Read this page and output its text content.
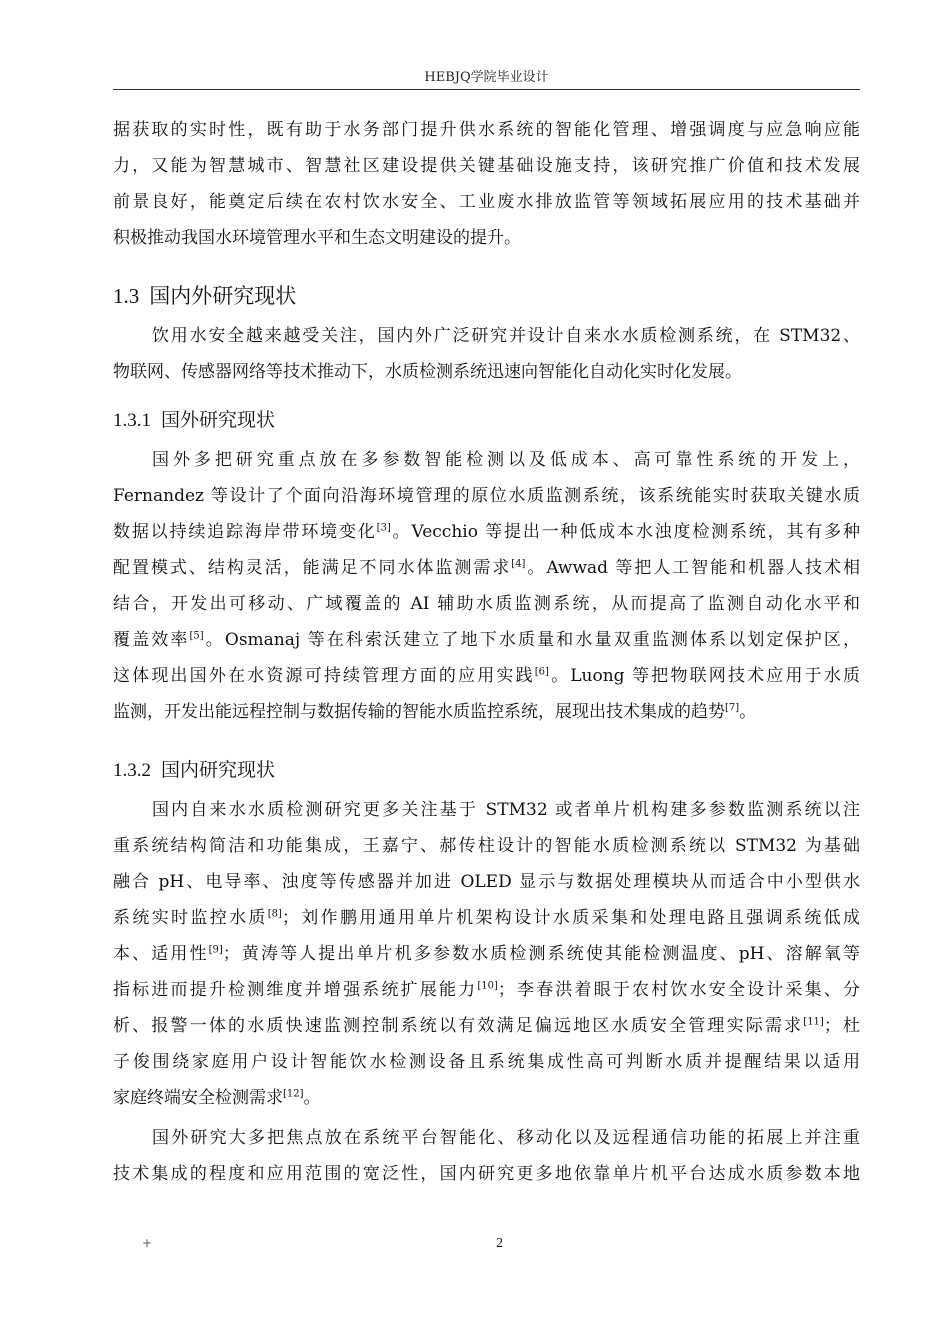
HEBJQ学院毕业设计
据获取的实时性，既有助于水务部门提升供水系统的智能化管理、增强调度与应急响应能
力，又能为智慧城市、智慧社区建设提供关键基础设施支持，该研究推广价值和技术发展
前景良好，能奠定后续在农村饮水安全、工业废水排放监管等领域拓展应用的技术基础并
积极推动我国水环境管理水平和生态文明建设的提升。
1.3 国内外研究现状
饮用水安全越来越受关注，国内外广泛研究并设计自来水水质检测系统，在 STM32、
物联网、传感器网络等技术推动下，水质检测系统迅速向智能化自动化实时化发展。
1.3.1 国外研究现状
国外多把研究重点放在多参数智能检测以及低成本、高可靠性系统的开发上，
Fernandez 等设计了个面向沿海环境管理的原位水质监测系统，该系统能实时获取关键水质
数据以持续追踪海岸带环境变化[3]。Vecchio 等提出一种低成本水浊度检测系统，其有多种
配置模式、结构灵活，能满足不同水体监测需求[4]。Awwad 等把人工智能和机器人技术相
结合，开发出可移动、广域覆盖的 AI 辅助水质监测系统，从而提高了监测自动化水平和
覆盖效率[5]。Osmanaj 等在科索沃建立了地下水质量和水量双重监测体系以划定保护区，
这体现出国外在水资源可持续管理方面的应用实践[6]。Luong 等把物联网技术应用于水质
监测，开发出能远程控制与数据传输的智能水质监控系统，展现出技术集成的趋势[7]。
1.3.2 国内研究现状
国内自来水水质检测研究更多关注基于 STM32 或者单片机构建多参数监测系统以注
重系统结构简洁和功能集成，王嘉宁、郝传柱设计的智能水质检测系统以 STM32 为基础
融合 pH、电导率、浊度等传感器并加进 OLED 显示与数据处理模块从而适合中小型供水
系统实时监控水质[8]；刘作鹏用通用单片机架构设计水质采集和处理电路且强调系统低成
本、适用性[9]；黄涛等人提出单片机多参数水质检测系统使其能检测温度、pH、溶解氧等
指标进而提升检测维度并增强系统扩展能力[10]；李春洪着眼于农村饮水安全设计采集、分
析、报警一体的水质快速监测控制系统以有效满足偏远地区水质安全管理实际需求[11]；杜
子俊围绕家庭用户设计智能饮水检测设备且系统集成性高可判断水质并提醒结果以适用
家庭终端安全检测需求[12]。
国外研究大多把焦点放在系统平台智能化、移动化以及远程通信功能的拓展上并注重
技术集成的程度和应用范围的宽泛性，国内研究更多地依靠单片机平台达成水质参数本地
+	2
